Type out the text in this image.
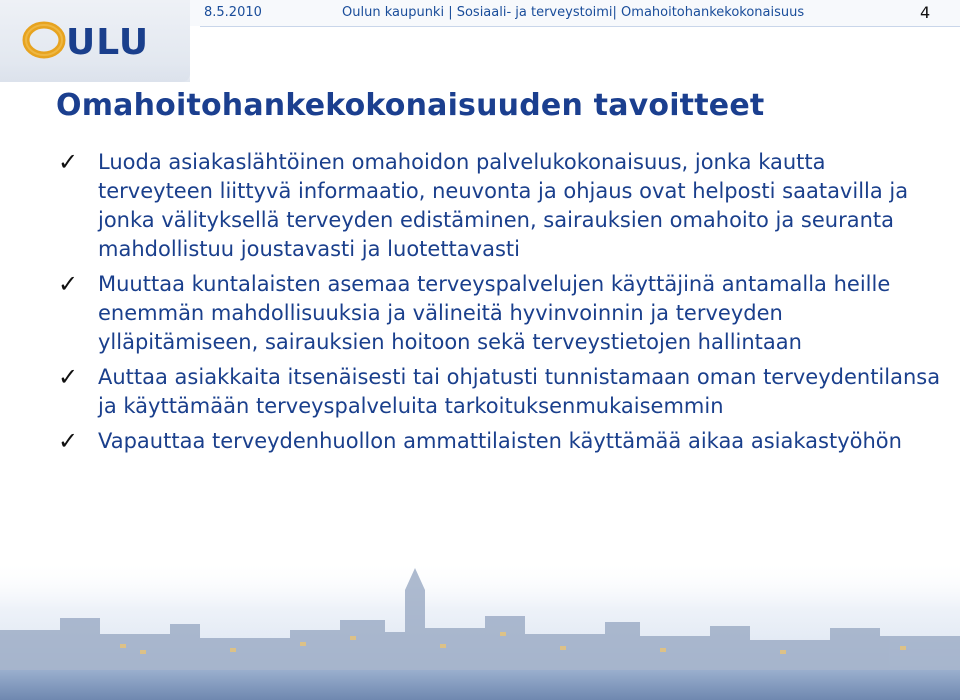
8.5.2010	Oulun kaupunki | Sosiaali- ja terveystoimi| Omahoitohankekokonaisuus	4
ULU
Omahoitohankekokonaisuuden tavoitteet
✓ Luoda asiakaslähtöinen omahoidon palvelukokonaisuus, jonka kautta terveyteen liittyvä informaatio, neuvonta ja ohjaus ovat helposti saatavilla ja jonka välityksellä terveyden edistäminen, sairauksien omahoito ja seuranta mahdollistuu joustavasti ja luotettavasti
✓ Muuttaa kuntalaisten asemaa terveyspalvelujen käyttäjinä antamalla heille enemmän mahdollisuuksia ja välineitä hyvinvoinnin ja terveyden ylläpitämiseen, sairauksien hoitoon sekä terveystietojen hallintaan
✓ Auttaa asiakkaita itsenäisesti tai ohjatusti tunnistamaan oman terveydentilansa ja käyttämään terveyspalveluita tarkoituksenmukaisemmin
✓ Vapauttaa terveydenhuollon ammattilaisten käyttämää aikaa asiakastyöhön
